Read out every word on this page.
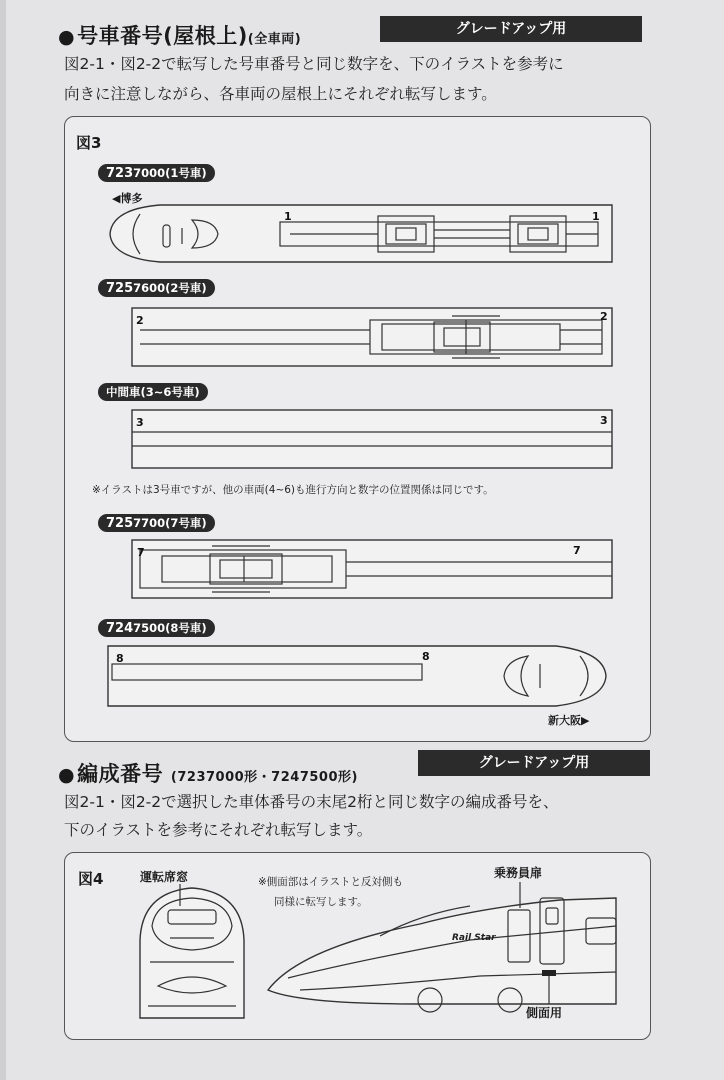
●号車番号(屋根上)(全車両)
グレードアップ用
図2-1・図2-2で転写した号車番号と同じ数字を、下のイラストを参考に
向きに注意しながら、各車両の屋根上にそれぞれ転写します。
図3
7237000(1号車)
◀博多
1	1
2	2
3	3
7	7
8	8
7257600(2号車)
中間車(3~6号車)
※イラストは3号車ですが、他の車両(4~6)も進行方向と数字の位置関係は同じです。
7257700(7号車)
7247500(8号車)
新大阪▶
●編成番号 (7237000形・7247500形)
グレードアップ用
図2-1・図2-2で選択した車体番号の末尾2桁と同じ数字の編成番号を、
下のイラストを参考にそれぞれ転写します。
図4	運転席窓	※側面部はイラストと反対側も
同様に転写します。
乗務員扉
側面用
Rail Star
